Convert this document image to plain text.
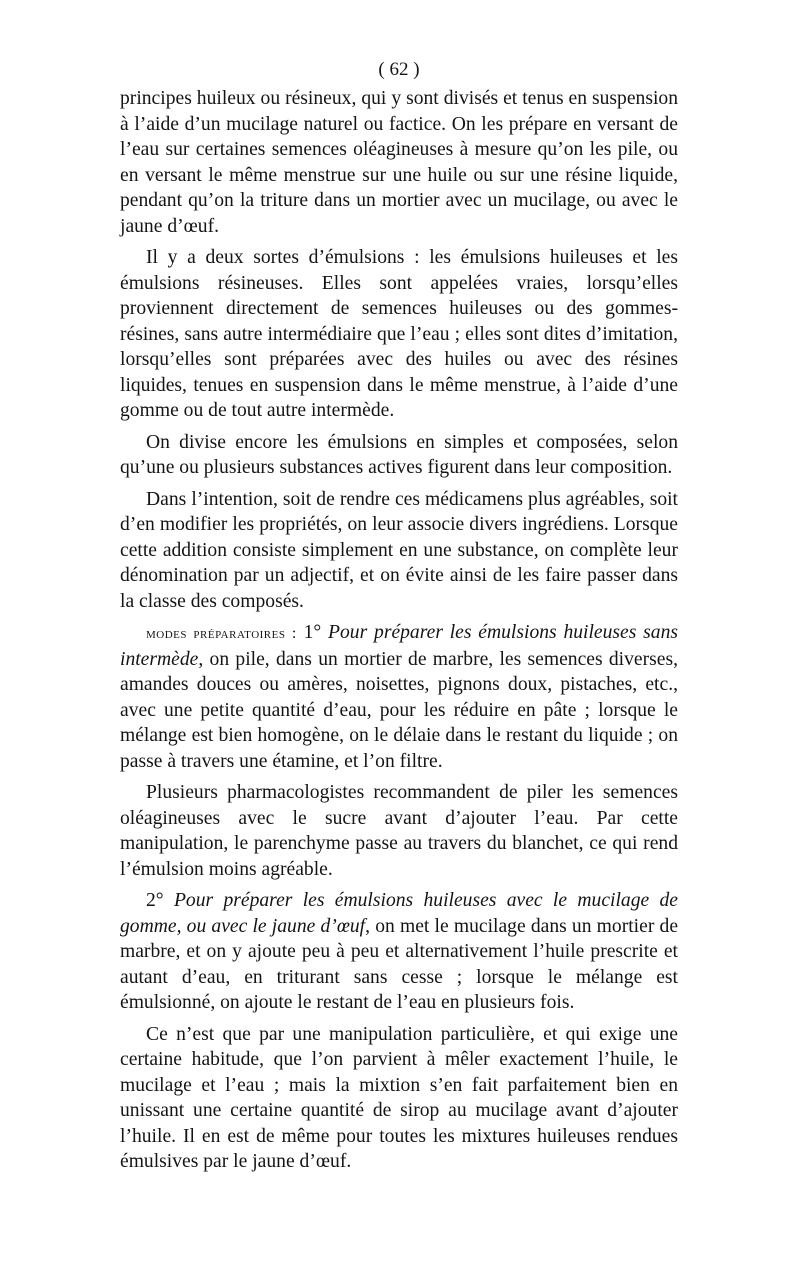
( 62 )

principes huileux ou résineux, qui y sont divisés et tenus en suspension à l’aide d’un mucilage naturel ou factice. On les prépare en versant de l’eau sur certaines semences oléagineuses à mesure qu’on les pile, ou en versant le même menstrue sur une huile ou sur une résine liquide, pendant qu’on la triture dans un mortier avec un mucilage, ou avec le jaune d’œuf.

Il y a deux sortes d’émulsions : les émulsions huileuses et les émulsions résineuses. Elles sont appelées vraies, lorsqu’elles proviennent directement de semences huileuses ou des gommes-résines, sans autre intermédiaire que l’eau ; elles sont dites d’imitation, lorsqu’elles sont préparées avec des huiles ou avec des résines liquides, tenues en suspension dans le même menstrue, à l’aide d’une gomme ou de tout autre intermède.

On divise encore les émulsions en simples et composées, selon qu’une ou plusieurs substances actives figurent dans leur composition.

Dans l’intention, soit de rendre ces médicamens plus agréables, soit d’en modifier les propriétés, on leur associe divers ingrédiens. Lorsque cette addition consiste simplement en une substance, on complète leur dénomination par un adjectif, et on évite ainsi de les faire passer dans la classe des composés.

modes préparatoires : 1° Pour préparer les émulsions huileuses sans intermède, on pile, dans un mortier de marbre, les semences diverses, amandes douces ou amères, noisettes, pignons doux, pistaches, etc., avec une petite quantité d’eau, pour les réduire en pâte ; lorsque le mélange est bien homogène, on le délaie dans le restant du liquide ; on passe à travers une étamine, et l’on filtre.

Plusieurs pharmacologistes recommandent de piler les semences oléagineuses avec le sucre avant d’ajouter l’eau. Par cette manipulation, le parenchyme passe au travers du blanchet, ce qui rend l’émulsion moins agréable.

2° Pour préparer les émulsions huileuses avec le mucilage de gomme, ou avec le jaune d’œuf, on met le mucilage dans un mortier de marbre, et on y ajoute peu à peu et alternativement l’huile prescrite et autant d’eau, en triturant sans cesse ; lorsque le mélange est émulsionné, on ajoute le restant de l’eau en plusieurs fois.

Ce n’est que par une manipulation particulière, et qui exige une certaine habitude, que l’on parvient à mêler exactement l’huile, le mucilage et l’eau ; mais la mixtion s’en fait parfaitement bien en unissant une certaine quantité de sirop au mucilage avant d’ajouter l’huile. Il en est de même pour toutes les mixtures huileuses rendues émulsives par le jaune d’œuf.
